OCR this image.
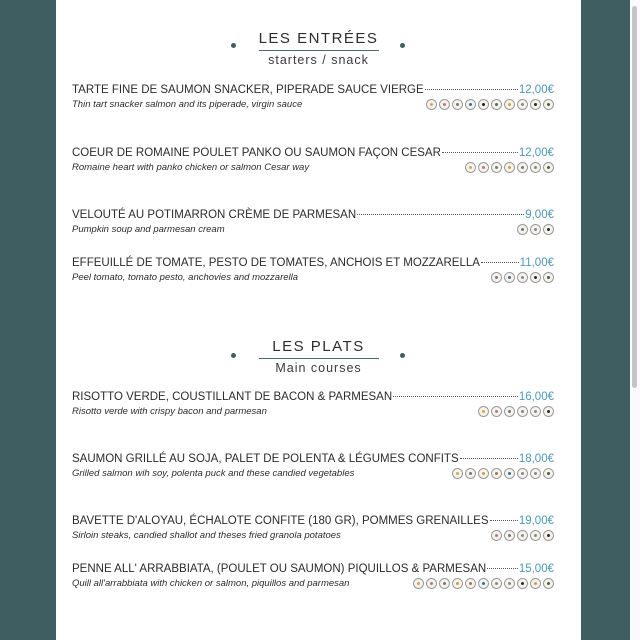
LES ENTRÉES
starters / snack
TARTE FINE DE SAUMON SNACKER, PIPERADE SAUCE VIERGE	12,00€
Thin tart snacker salmon and its piperade, virgin sauce
COEUR DE ROMAINE POULET PANKO OU SAUMON FAÇON CESAR	12,00€
Romaine heart with panko chicken or salmon Cesar way
VELOUTÉ AU POTIMARRON CRÈME DE PARMESAN	9,00€
Pumpkin soup and parmesan cream
EFFEUILLÉ DE TOMATE, PESTO DE TOMATES, ANCHOIS ET MOZZARELLA	11,00€
Peel tomato, tomato pesto, anchovies and mozzarella
LES PLATS
Main courses
RISOTTO VERDE, COUSTILLANT DE BACON & PARMESAN	16,00€
Risotto verde with crispy bacon and parmesan
SAUMON GRILLÉ AU SOJA, PALET DE POLENTA & LÉGUMES CONFITS	18,00€
Grilled salmon wih soy, polenta puck and these candied vegetables
BAVETTE D'ALOYAU, ÉCHALOTE CONFITE (180 GR), POMMES GRENAILLES	19,00€
Sirloin steaks, candied shallot and theses fried granola potatoes
PENNE ALL' ARRABBIATA, (POULET OU SAUMON) PIQUILLOS & PARMESAN	15,00€
Quill all'arrabbiata with chicken or salmon, piquillos and parmesan
